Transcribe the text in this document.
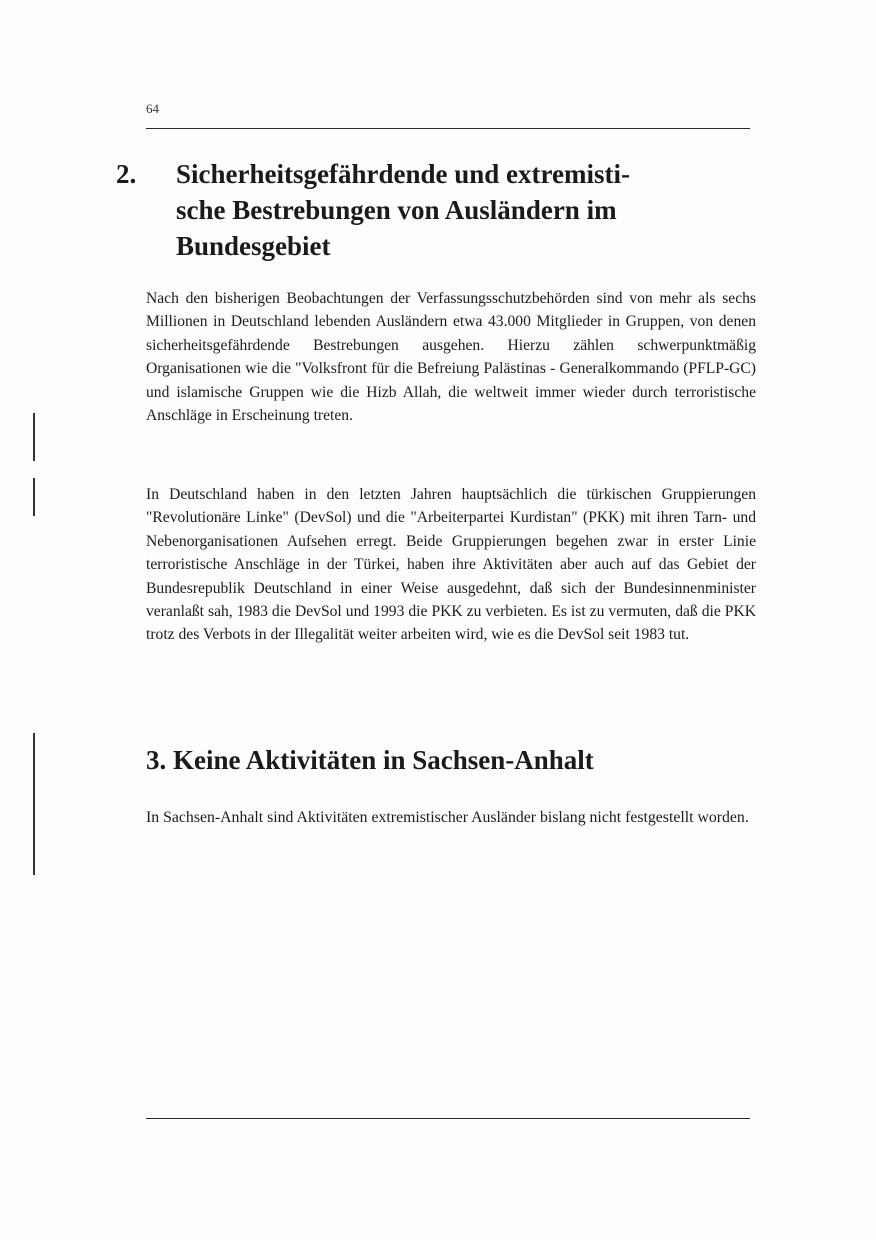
64
2. Sicherheitsgefährdende und extremisti-
sche Bestrebungen von Ausländern im
Bundesgebiet

Nach den bisherigen Beobachtungen der Verfassungsschutzbehörden sind von mehr als sechs Millionen in Deutschland lebenden Ausländern etwa 43.000 Mitglieder in Gruppen, von denen sicherheitsgefährdende Bestrebungen ausgehen. Hierzu zählen schwerpunktmäßig Organisationen wie die "Volksfront für die Befreiung Palästinas - Generalkommando (PFLP-GC) und islamische Gruppen wie die Hizb Allah, die weltweit immer wieder durch terroristische Anschläge in Erscheinung treten.

In Deutschland haben in den letzten Jahren hauptsächlich die türkischen Gruppierungen "Revolutionäre Linke" (DevSol) und die "Arbeiterpartei Kurdistan" (PKK) mit ihren Tarn- und Nebenorganisationen Aufsehen erregt. Beide Gruppierungen begehen zwar in erster Linie terroristische Anschläge in der Türkei, haben ihre Aktivitäten aber auch auf das Gebiet der Bundesrepublik Deutschland in einer Weise ausgedehnt, daß sich der Bundesinnenminister veranlaßt sah, 1983 die DevSol und 1993 die PKK zu verbieten. Es ist zu vermuten, daß die PKK trotz des Verbots in der Illegalität weiter arbeiten wird, wie es die DevSol seit 1983 tut.

3. Keine Aktivitäten in Sachsen-Anhalt

In Sachsen-Anhalt sind Aktivitäten extremistischer Ausländer bislang nicht festgestellt worden.
